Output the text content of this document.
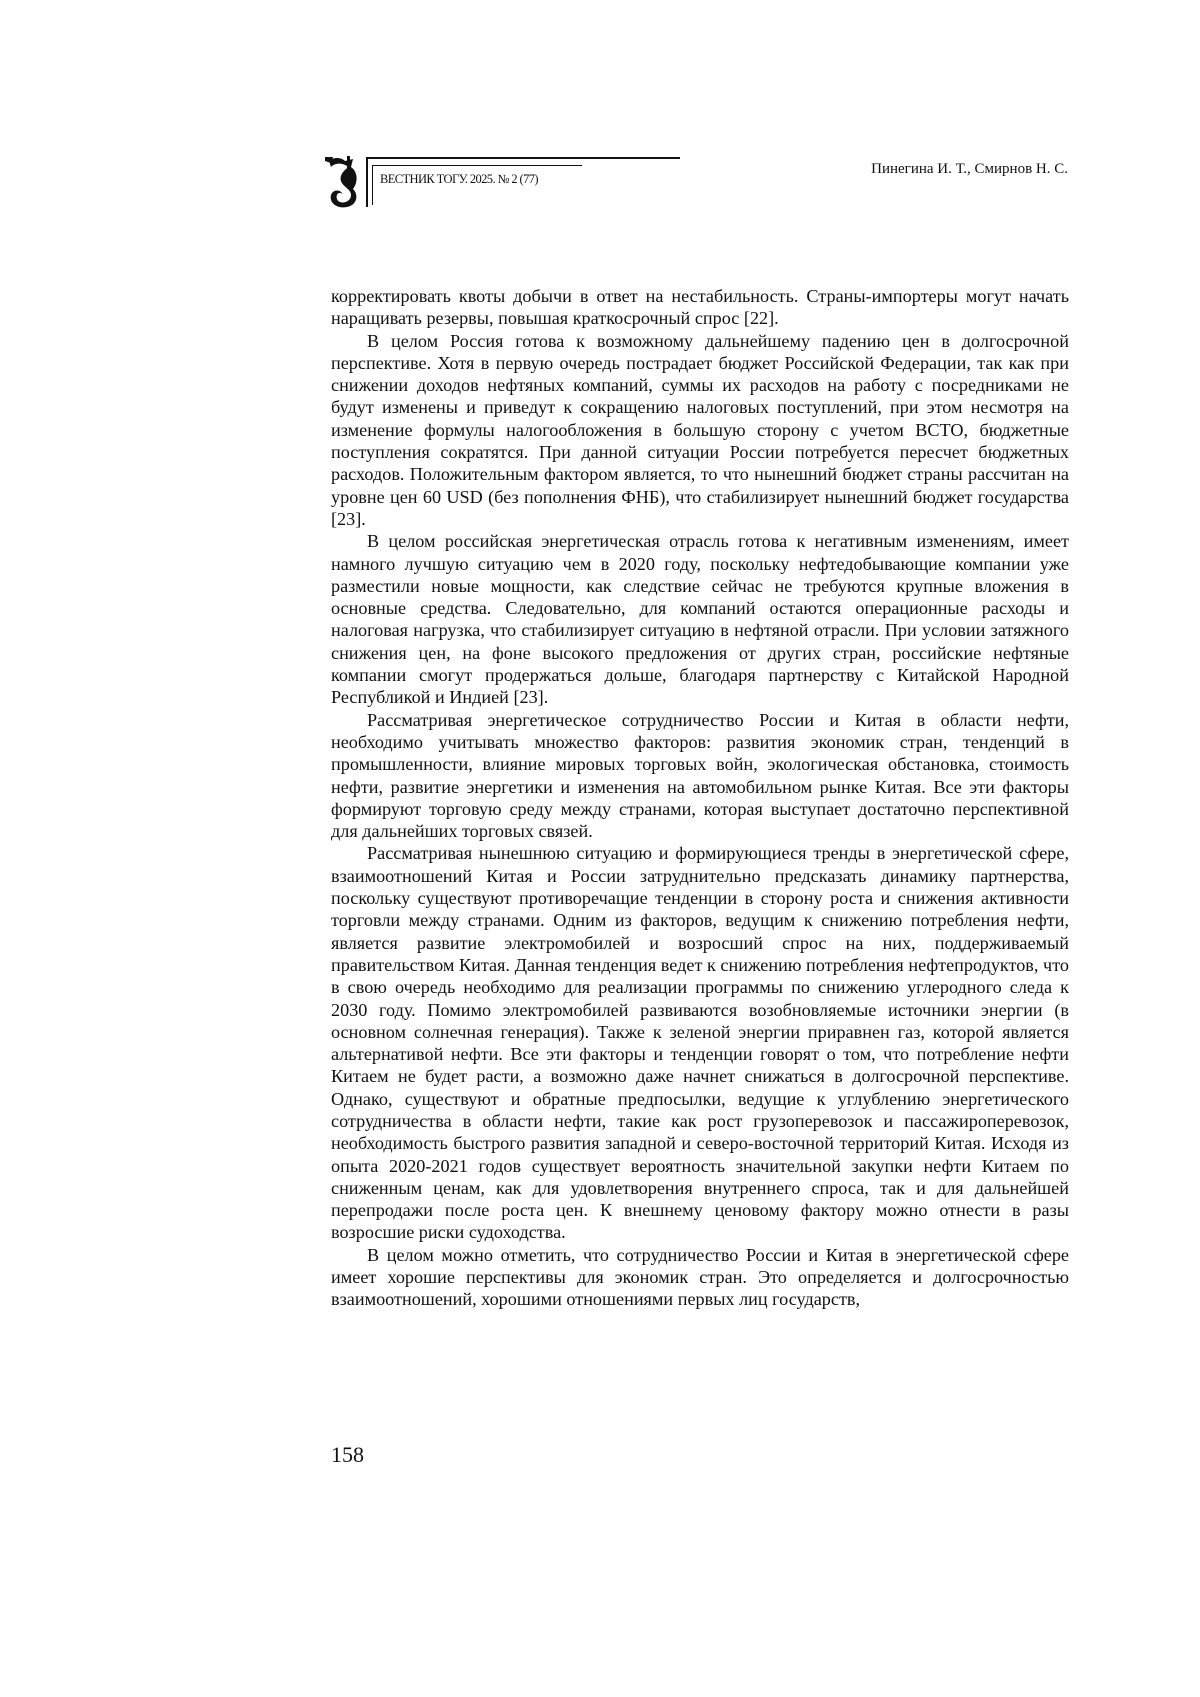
ВЕСТНИК ТОГУ. 2025. № 2 (77)
Пинегина И. Т., Смирнов Н. С.

корректировать квоты добычи в ответ на нестабильность. Страны-импортеры могут начать наращивать резервы, повышая краткосрочный спрос [22].

В целом Россия готова к возможному дальнейшему падению цен в долгосрочной перспективе. Хотя в первую очередь пострадает бюджет Российской Федерации, так как при снижении доходов нефтяных компаний, суммы их расходов на работу с посредниками не будут изменены и приведут к сокращению налоговых поступлений, при этом несмотря на изменение формулы налогообложения в большую сторону с учетом ВСТО, бюджетные поступления сократятся. При данной ситуации России потребуется пересчет бюджетных расходов. Положительным фактором является, то что нынешний бюджет страны рассчитан на уровне цен 60 USD (без пополнения ФНБ), что стабилизирует нынешний бюджет государства [23].

В целом российская энергетическая отрасль готова к негативным изменениям, имеет намного лучшую ситуацию чем в 2020 году, поскольку нефтедобывающие компании уже разместили новые мощности, как следствие сейчас не требуются крупные вложения в основные средства. Следовательно, для компаний остаются операционные расходы и налоговая нагрузка, что стабилизирует ситуацию в нефтяной отрасли. При условии затяжного снижения цен, на фоне высокого предложения от других стран, российские нефтяные компании смогут продержаться дольше, благодаря партнерству с Китайской Народной Республикой и Индией [23].

Рассматривая энергетическое сотрудничество России и Китая в области нефти, необходимо учитывать множество факторов: развития экономик стран, тенденций в промышленности, влияние мировых торговых войн, экологическая обстановка, стоимость нефти, развитие энергетики и изменения на автомобильном рынке Китая. Все эти факторы формируют торговую среду между странами, которая выступает достаточно перспективной для дальнейших торговых связей.

Рассматривая нынешнюю ситуацию и формирующиеся тренды в энергетической сфере, взаимоотношений Китая и России затруднительно предсказать динамику партнерства, поскольку существуют противоречащие тенденции в сторону роста и снижения активности торговли между странами. Одним из факторов, ведущим к снижению потребления нефти, является развитие электромобилей и возросший спрос на них, поддерживаемый правительством Китая. Данная тенденция ведет к снижению потребления нефтепродуктов, что в свою очередь необходимо для реализации программы по снижению углеродного следа к 2030 году. Помимо электромобилей развиваются возобновляемые источники энергии (в основном солнечная генерация). Также к зеленой энергии приравнен газ, которой является альтернативой нефти. Все эти факторы и тенденции говорят о том, что потребление нефти Китаем не будет расти, а возможно даже начнет снижаться в долгосрочной перспективе. Однако, существуют и обратные предпосылки, ведущие к углублению энергетического сотрудничества в области нефти, такие как рост грузоперевозок и пассажироперевозок, необходимость быстрого развития западной и северо-восточной территорий Китая. Исходя из опыта 2020-2021 годов существует вероятность значительной закупки нефти Китаем по сниженным ценам, как для удовлетворения внутреннего спроса, так и для дальнейшей перепродажи после роста цен. К внешнему ценовому фактору можно отнести в разы возросшие риски судоходства.

В целом можно отметить, что сотрудничество России и Китая в энергетической сфере имеет хорошие перспективы для экономик стран. Это определяется и долгосрочностью взаимоотношений, хорошими отношениями первых лиц государств,

158
